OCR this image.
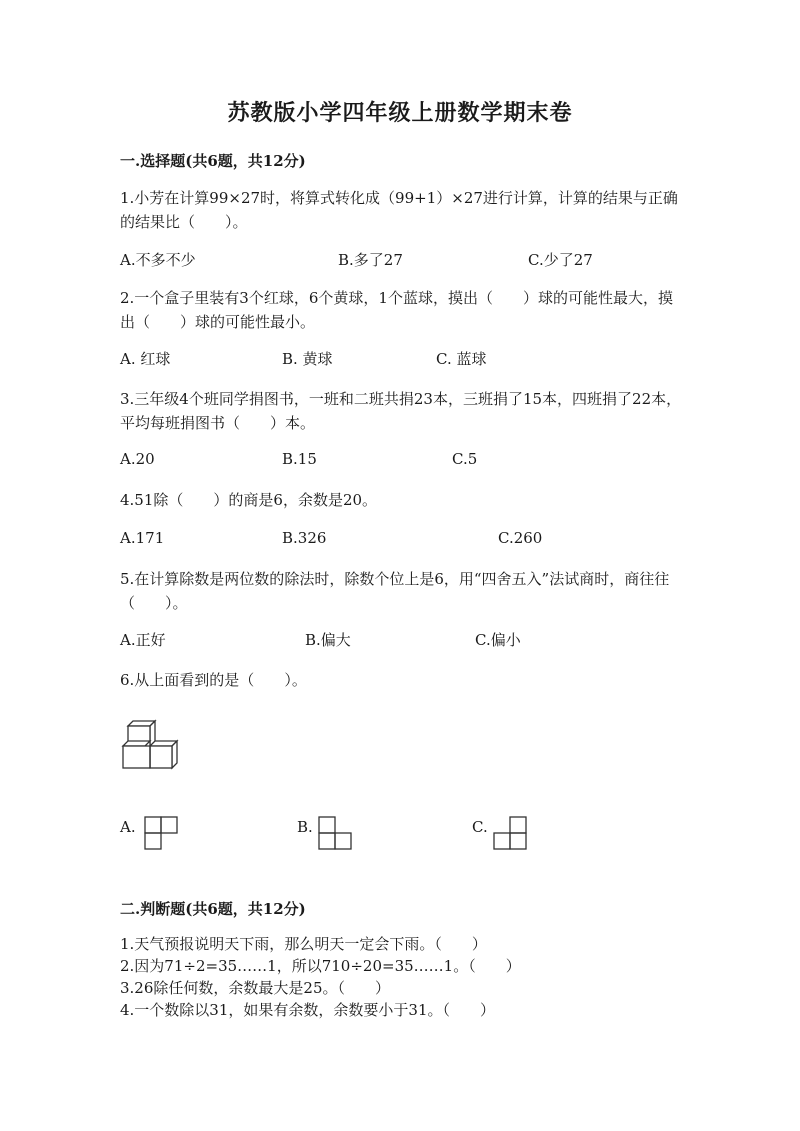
苏教版小学四年级上册数学期末卷
一.选择题(共6题，共12分)
1.小芳在计算99×27时，将算式转化成（99+1）×27进行计算，计算的结果与正确的结果比（　　）。
A.不多不少	B.多了27	C.少了27
2.一个盒子里装有3个红球，6个黄球，1个蓝球，摸出（　　）球的可能性最大，摸出（　　）球的可能性最小。
A. 红球	B. 黄球	C. 蓝球
3.三年级4个班同学捐图书，一班和二班共捐23本，三班捐了15本，四班捐了22本，平均每班捐图书（　　）本。
A.20	B.15	C.5
4.51除（　　）的商是6，余数是20。
A.171	B.326	C.260
5.在计算除数是两位数的除法时，除数个位上是6，用“四舍五入”法试商时，商往往（　　）。
A.正好	B.偏大	C.偏小
6.从上面看到的是（　　）。
A.	B.	C.
二.判断题(共6题，共12分)
1.天气预报说明天下雨，那么明天一定会下雨。（　　）
2.因为71÷2=35……1，所以710÷20=35……1。（　　）
3.26除任何数，余数最大是25。（　　）
4.一个数除以31，如果有余数，余数要小于31。（　　）
